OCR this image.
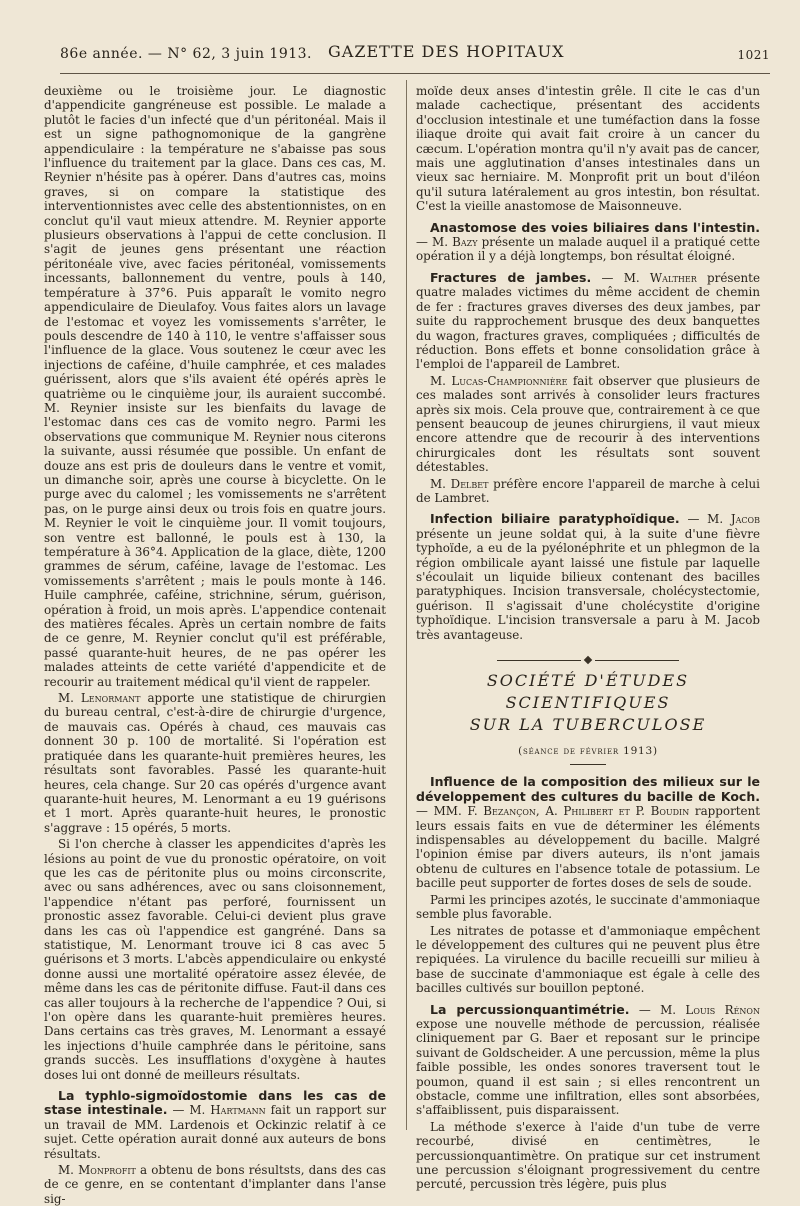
86e année. — N° 62, 3 juin 1913. GAZETTE DES HOPITAUX	1021

deuxième ou le troisième jour. Le diagnostic d'appendicite gangréneuse est possible. Le malade a plutôt le facies d'un infecté que d'un péritonéal. Mais il est un signe pathognomonique de la gangrène appendiculaire : la température ne s'abaisse pas sous l'influence du traitement par la glace. Dans ces cas, M. Reynier n'hésite pas à opérer. Dans d'autres cas, moins graves, si on compare la statistique des interventionnistes avec celle des abstentionnistes, on en conclut qu'il vaut mieux attendre. M. Reynier apporte plusieurs observations à l'appui de cette conclusion. Il s'agit de jeunes gens présentant une réaction péritonéale vive, avec facies péritonéal, vomissements incessants, ballonnement du ventre, pouls à 140, température à 37°6. Puis apparaît le vomito negro appendiculaire de Dieulafoy. Vous faites alors un lavage de l'estomac et voyez les vomissements s'arrêter, le pouls descendre de 140 à 110, le ventre s'affaisser sous l'influence de la glace. Vous soutenez le cœur avec les injections de caféine, d'huile camphrée, et ces malades guérissent, alors que s'ils avaient été opérés après le quatrième ou le cinquième jour, ils auraient succombé. M. Reynier insiste sur les bienfaits du lavage de l'estomac dans ces cas de vomito negro. Parmi les observations que communique M. Reynier nous citerons la suivante, aussi résumée que possible. Un enfant de douze ans est pris de douleurs dans le ventre et vomit, un dimanche soir, après une course à bicyclette. On le purge avec du calomel ; les vomissements ne s'arrêtent pas, on le purge ainsi deux ou trois fois en quatre jours. M. Reynier le voit le cinquième jour. Il vomit toujours, son ventre est ballonné, le pouls est à 130, la température à 36°4. Application de la glace, diète, 1200 grammes de sérum, caféine, lavage de l'estomac. Les vomissements s'arrêtent ; mais le pouls monte à 146. Huile camphrée, caféine, strichnine, sérum, guérison, opération à froid, un mois après. L'appendice contenait des matières fécales. Après un certain nombre de faits de ce genre, M. Reynier conclut qu'il est préférable, passé quarante-huit heures, de ne pas opérer les malades atteints de cette variété d'appendicite et de recourir au traitement médical qu'il vient de rappeler.

M. Lenormant apporte une statistique de chirurgien du bureau central, c'est-à-dire de chirurgie d'urgence, de mauvais cas. Opérés à chaud, ces mauvais cas donnent 30 p. 100 de mortalité. Si l'opération est pratiquée dans les quarante-huit premières heures, les résultats sont favorables. Passé les quarante-huit heures, cela change. Sur 20 cas opérés d'urgence avant quarante-huit heures, M. Lenormant a eu 19 guérisons et 1 mort. Après quarante-huit heures, le pronostic s'aggrave : 15 opérés, 5 morts.

Si l'on cherche à classer les appendicites d'après les lésions au point de vue du pronostic opératoire, on voit que les cas de péritonite plus ou moins circonscrite, avec ou sans adhérences, avec ou sans cloisonnement, l'appendice n'étant pas perforé, fournissent un pronostic assez favorable. Celui-ci devient plus grave dans les cas où l'appendice est gangréné. Dans sa statistique, M. Lenormant trouve ici 8 cas avec 5 guérisons et 3 morts. L'abcès appendiculaire ou enkysté donne aussi une mortalité opératoire assez élevée, de même dans les cas de péritonite diffuse. Faut-il dans ces cas aller toujours à la recherche de l'appendice ? Oui, si l'on opère dans les quarante-huit premières heures. Dans certains cas très graves, M. Lenormant a essayé les injections d'huile camphrée dans le péritoine, sans grands succès. Les insufflations d'oxygène à hautes doses lui ont donné de meilleurs résultats.

La typhlo-sigmoïdostomie dans les cas de stase intestinale. — M. Hartmann fait un rapport sur un travail de MM. Lardenois et Ockinzic relatif à ce sujet. Cette opération aurait donné aux auteurs de bons résultats.

M. Monprofit a obtenu de bons résultsts, dans des cas de ce genre, en se contentant d'implanter dans l'anse sig-

moïde deux anses d'intestin grêle. Il cite le cas d'un malade cachectique, présentant des accidents d'occlusion intestinale et une tuméfaction dans la fosse iliaque droite qui avait fait croire à un cancer du cæcum. L'opération montra qu'il n'y avait pas de cancer, mais une agglutination d'anses intestinales dans un vieux sac herniaire. M. Monprofit prit un bout d'iléon qu'il sutura latéralement au gros intestin, bon résultat. C'est la vieille anastomose de Maisonneuve.

Anastomose des voies biliaires dans l'intestin. — M. Bazy présente un malade auquel il a pratiqué cette opération il y a déjà longtemps, bon résultat éloigné.

Fractures de jambes. — M. Walther présente quatre malades victimes du même accident de chemin de fer : fractures graves diverses des deux jambes, par suite du rapprochement brusque des deux banquettes du wagon, fractures graves, compliquées ; difficultés de réduction. Bons effets et bonne consolidation grâce à l'emploi de l'appareil de Lambret.

M. Lucas-Championnière fait observer que plusieurs de ces malades sont arrivés à consolider leurs fractures après six mois. Cela prouve que, contrairement à ce que pensent beaucoup de jeunes chirurgiens, il vaut mieux encore attendre que de recourir à des interventions chirurgicales dont les résultats sont souvent détestables.

M. Delbet préfère encore l'appareil de marche à celui de Lambret.

Infection biliaire paratyphoïdique. — M. Jacob présente un jeune soldat qui, à la suite d'une fièvre typhoïde, a eu de la pyélonéphrite et un phlegmon de la région ombilicale ayant laissé une fistule par laquelle s'écoulait un liquide bilieux contenant des bacilles paratyphiques. Incision transversale, cholécystectomie, guérison. Il s'agissait d'une cholécystite d'origine typhoïdique. L'incision transversale a paru à M. Jacob très avantageuse.

SOCIÉTÉ D'ÉTUDES SCIENTIFIQUES
SUR LA TUBERCULOSE
(séance de février 1913)

Influence de la composition des milieux sur le développement des cultures du bacille de Koch. — MM. F. Bezançon, A. Philibert et P. Boudin rapportent leurs essais faits en vue de déterminer les éléments indispensables au développement du bacille. Malgré l'opinion émise par divers auteurs, ils n'ont jamais obtenu de cultures en l'absence totale de potassium. Le bacille peut supporter de fortes doses de sels de soude.

Parmi les principes azotés, le succinate d'ammoniaque semble plus favorable.

Les nitrates de potasse et d'ammoniaque empêchent le développement des cultures qui ne peuvent plus être repiquées. La virulence du bacille recueilli sur milieu à base de succinate d'ammoniaque est égale à celle des bacilles cultivés sur bouillon peptoné.

La percussionquantimétrie. — M. Louis Rénon expose une nouvelle méthode de percussion, réalisée cliniquement par G. Baer et reposant sur le principe suivant de Goldscheider. A une percussion, même la plus faible possible, les ondes sonores traversent tout le poumon, quand il est sain ; si elles rencontrent un obstacle, comme une infiltration, elles sont absorbées, s'affaiblissent, puis disparaissent.

La méthode s'exerce à l'aide d'un tube de verre recourbé, divisé en centimètres, le percussionquantimètre. On pratique sur cet instrument une percussion s'éloignant progressivement du centre percuté, percussion très légère, puis plus
